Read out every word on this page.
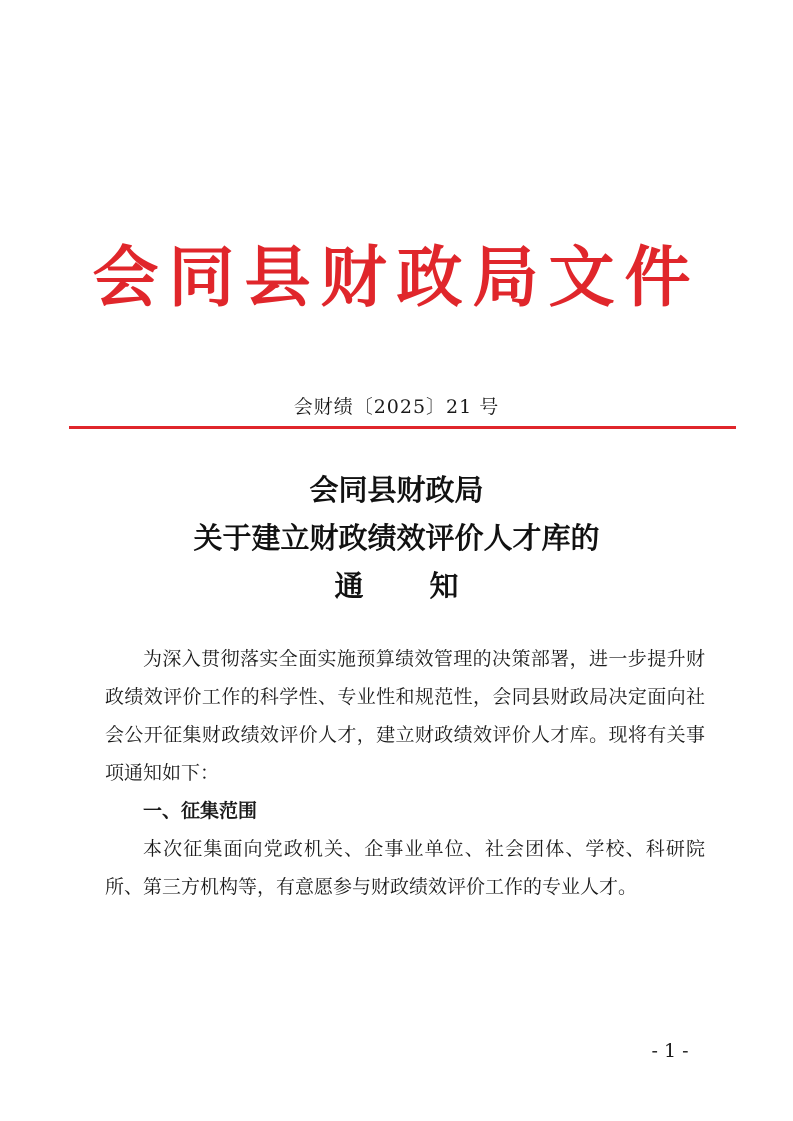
会同县财政局文件
会财绩〔2025〕21 号
会同县财政局
关于建立财政绩效评价人才库的
通 知

为深入贯彻落实全面实施预算绩效管理的决策部署，进一步提升财政绩效评价工作的科学性、专业性和规范性，会同县财政局决定面向社会公开征集财政绩效评价人才，建立财政绩效评价人才库。现将有关事项通知如下：

一、征集范围

本次征集面向党政机关、企事业单位、社会团体、学校、科研院所、第三方机构等，有意愿参与财政绩效评价工作的专业人才。

- 1 -
